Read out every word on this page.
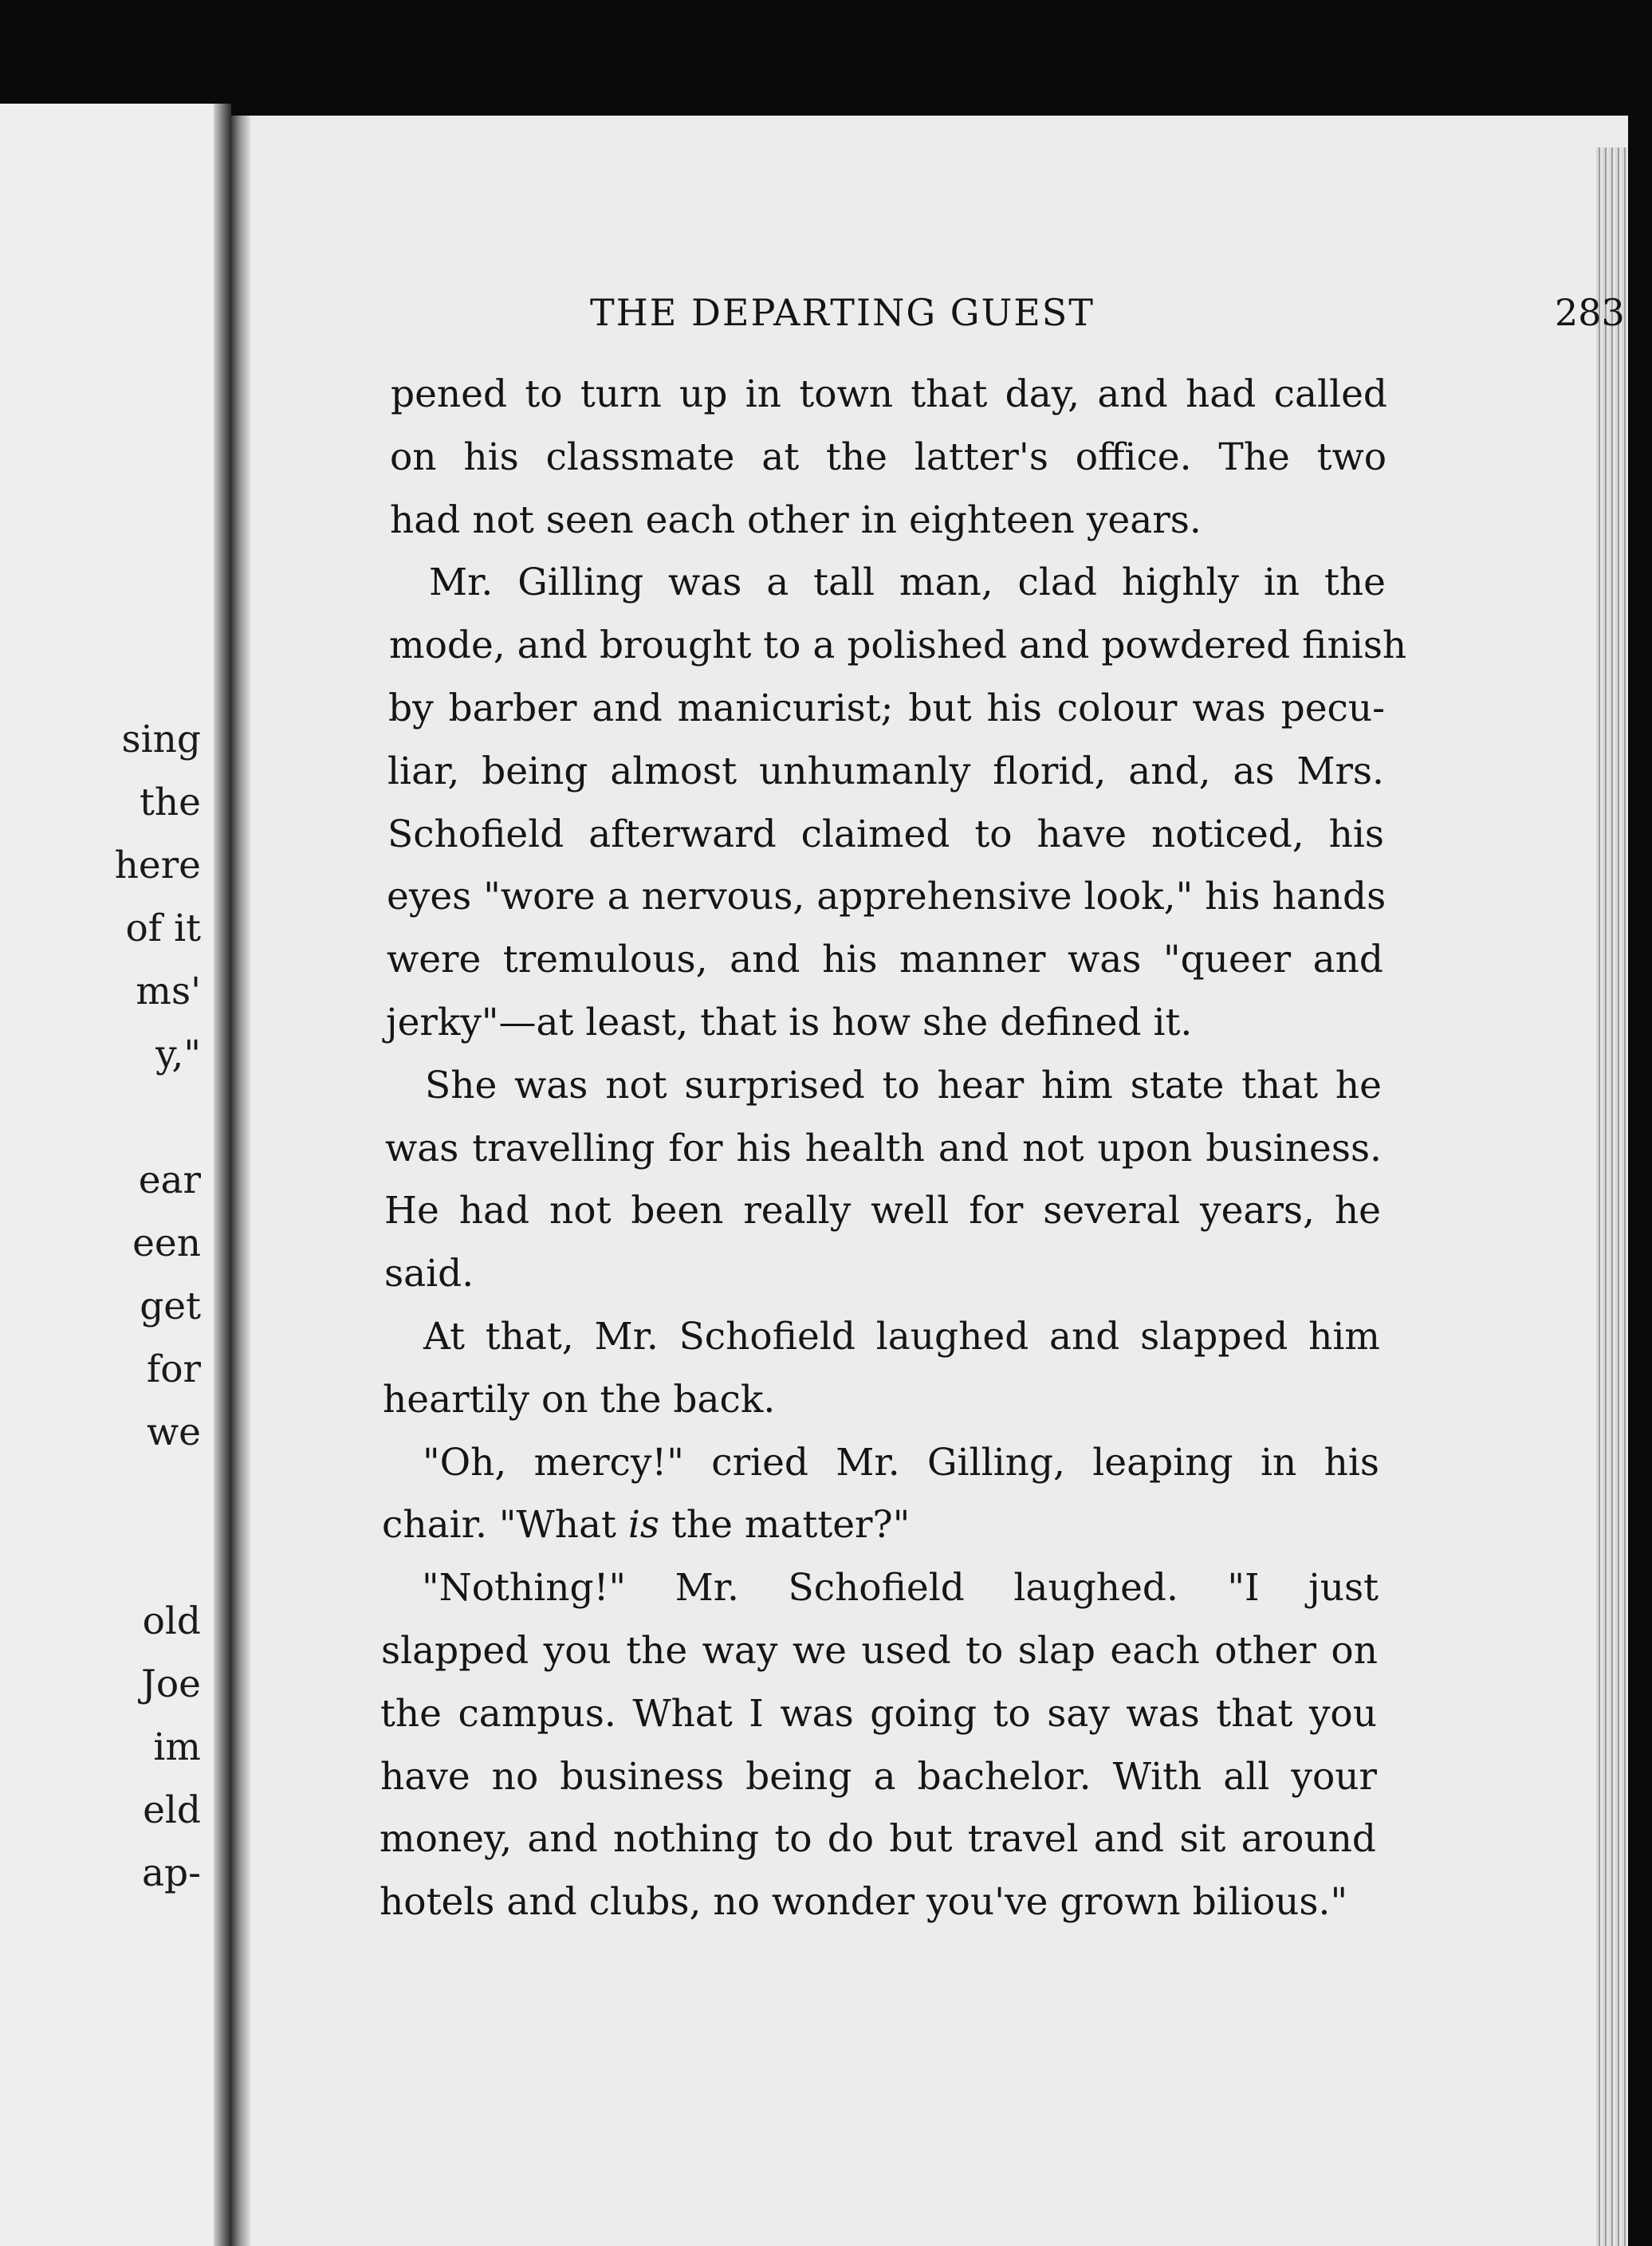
sing
the
here
of it
ms'
y,"
ear
een
get
for
we
old
Joe
im
eld
ap-
THE DEPARTING GUEST	283
pened to turn up in town that day, and had called
on his classmate at the latter's office. The two
had not seen each other in eighteen years.
Mr. Gilling was a tall man, clad highly in the
mode, and brought to a polished and powdered finish
by barber and manicurist; but his colour was pecu-
liar, being almost unhumanly florid, and, as Mrs.
Schofield afterward claimed to have noticed, his
eyes "wore a nervous, apprehensive look," his hands
were tremulous, and his manner was "queer and
jerky"—at least, that is how she defined it.
She was not surprised to hear him state that he
was travelling for his health and not upon business.
He had not been really well for several years, he
said.
At that, Mr. Schofield laughed and slapped him
heartily on the back.
"Oh, mercy!" cried Mr. Gilling, leaping in his
chair. "What is the matter?"
"Nothing!" Mr. Schofield laughed. "I just
slapped you the way we used to slap each other on
the campus. What I was going to say was that you
have no business being a bachelor. With all your
money, and nothing to do but travel and sit around
hotels and clubs, no wonder you've grown bilious."
